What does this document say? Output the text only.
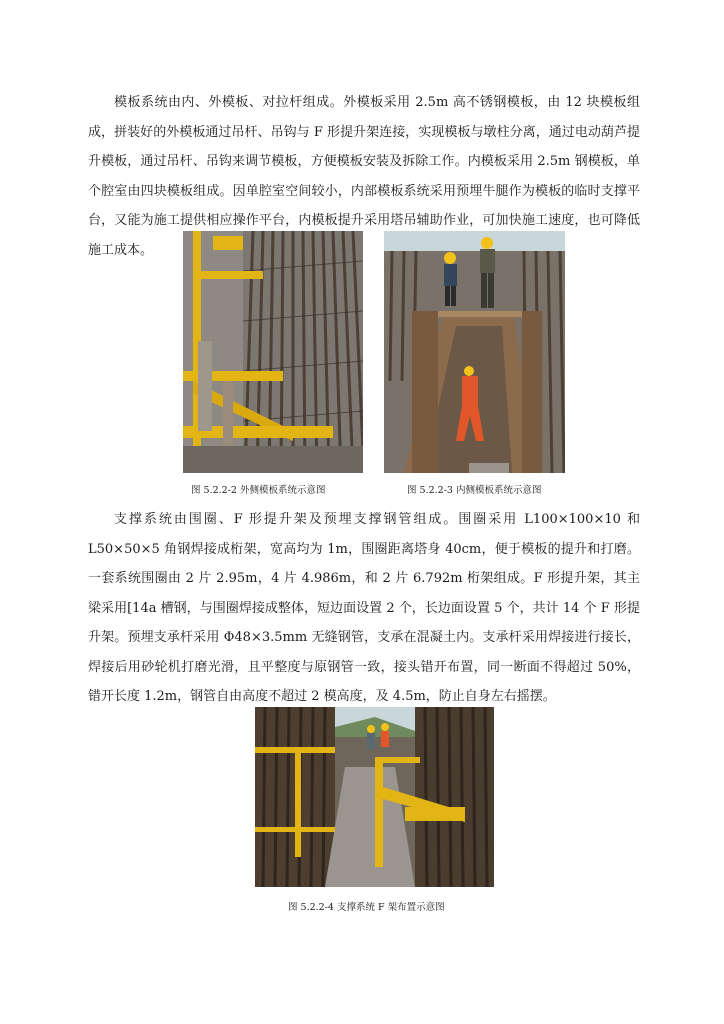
模板系统由内、外模板、对拉杆组成。外模板采用 2.5m 高不锈钢模板，由 12 块模板组成，拼装好的外模板通过吊杆、吊钩与 F 形提升架连接，实现模板与墩柱分离，通过电动葫芦提升模板，通过吊杆、吊钩来调节模板，方便模板安装及拆除工作。内模板采用 2.5m 钢模板，单个腔室由四块模板组成。因单腔室空间较小，内部模板系统采用预埋牛腿作为模板的临时支撑平台，又能为施工提供相应操作平台，内模板提升采用塔吊辅助作业，可加快施工速度，也可降低施工成本。

图 5.2.2-2 外侧模板系统示意图	图 5.2.2-3 内侧模板系统示意图

支撑系统由围圈、F 形提升架及预埋支撑钢管组成。围圈采用 L100×100×10 和 L50×50×5 角钢焊接成桁架，宽高均为 1m，围圈距离塔身 40cm，便于模板的提升和打磨。一套系统围圈由 2 片 2.95m，4 片 4.986m，和 2 片 6.792m 桁架组成。F 形提升架，其主梁采用[14a 槽钢，与围圈焊接成整体，短边面设置 2 个，长边面设置 5 个，共计 14 个 F 形提升架。预埋支承杆采用 Φ48×3.5mm 无缝钢管，支承在混凝土内。支承杆采用焊接进行接长，焊接后用砂轮机打磨光滑，且平整度与原钢管一致，接头错开布置，同一断面不得超过 50%，错开长度 1.2m，钢管自由高度不超过 2 模高度，及 4.5m，防止自身左右摇摆。

图 5.2.2-4 支撑系统 F 架布置示意图
